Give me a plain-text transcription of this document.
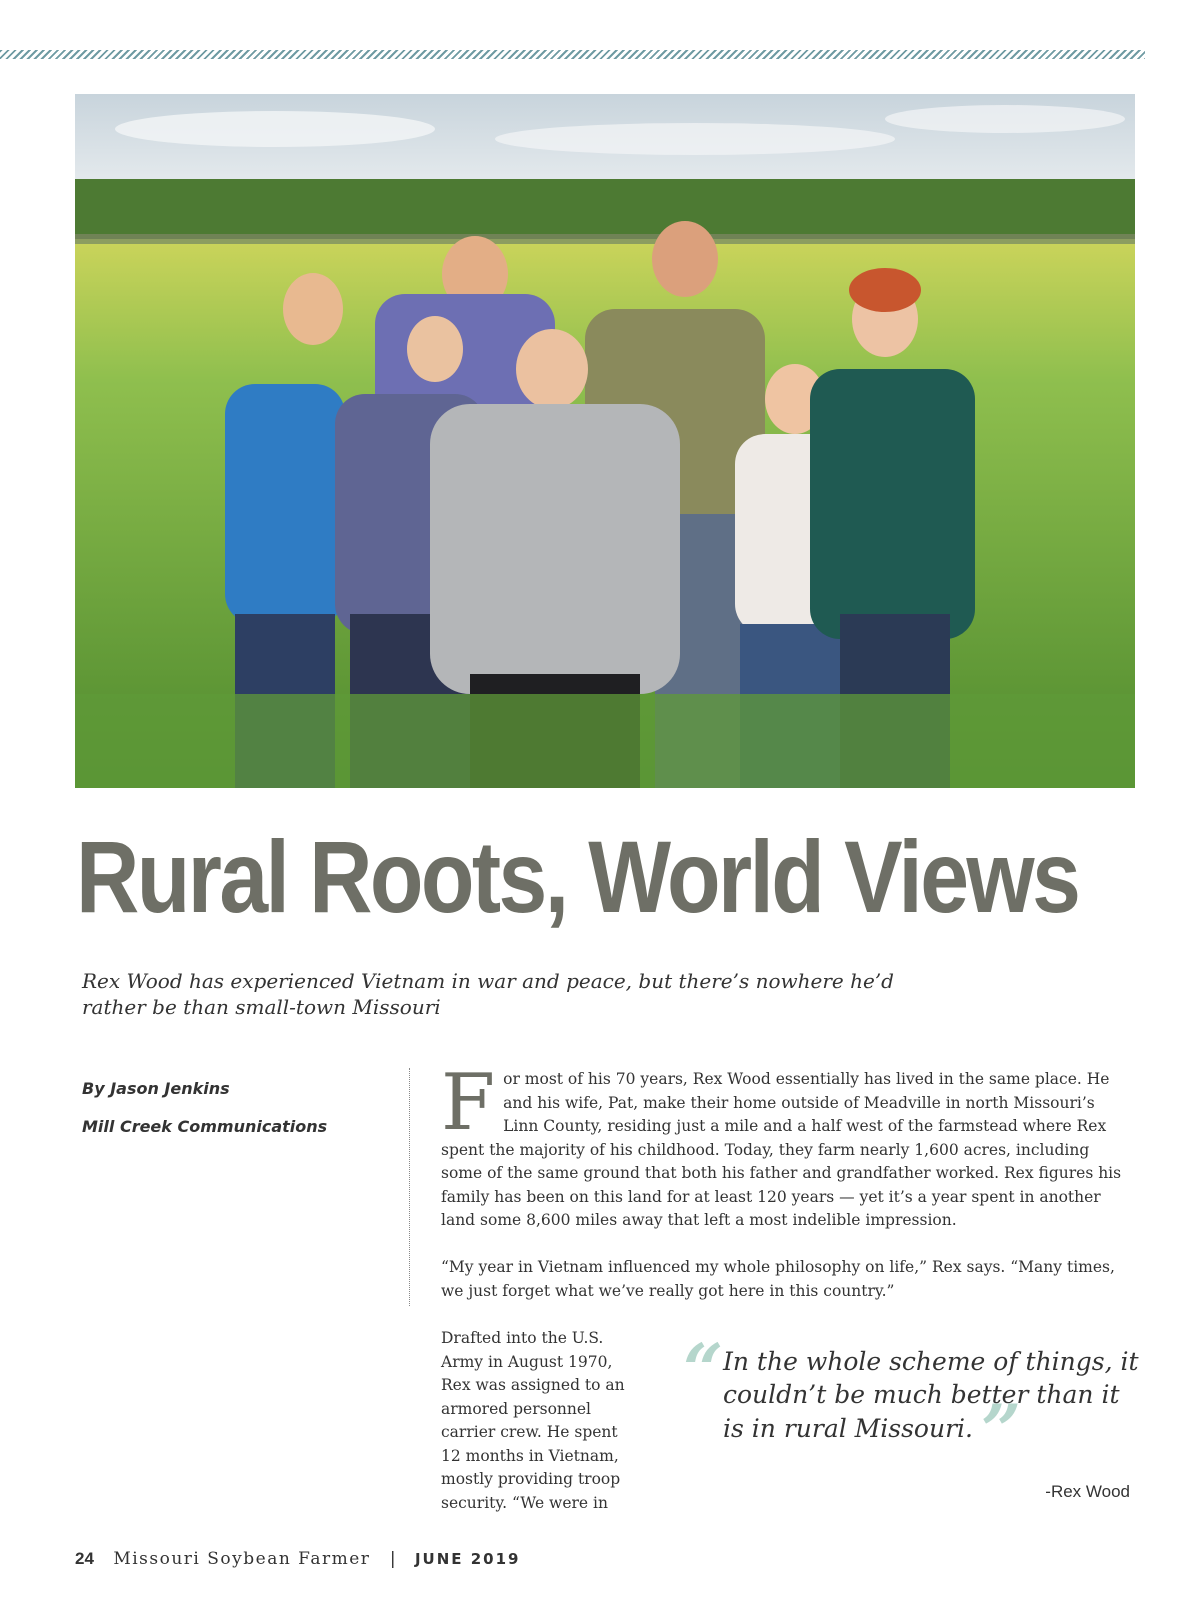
Rural Roots, World Views

Rex Wood has experienced Vietnam in war and peace, but there’s nowhere he’d rather be than small-town Missouri

By Jason Jenkins
Mill Creek Communications For most of his 70 years, Rex Wood essentially has lived in the same place. He and his wife, Pat, make their home outside of Meadville in north Missouri’s Linn County, residing just a mile and a half west of the farmstead where Rex spent the majority of his childhood. Today, they farm nearly 1,600 acres, including some of the same ground that both his father and grandfather worked. Rex figures his family has been on this land for at least 120 years — yet it’s a year spent in another land some 8,600 miles away that left a most indelible impression.

“My year in Vietnam influenced my whole philosophy on life,” Rex says. “Many times, we just forget what we’ve really got here in this country.”

Drafted into the U.S. Army in August 1970, Rex was assigned to an armored personnel carrier crew. He spent 12 months in Vietnam, mostly providing troop security. “We were in

“ In the whole scheme of things, it couldn’t be much better than it is in rural Missouri. ”

-Rex Wood
24 Missouri Soybean Farmer | JUNE 2019
